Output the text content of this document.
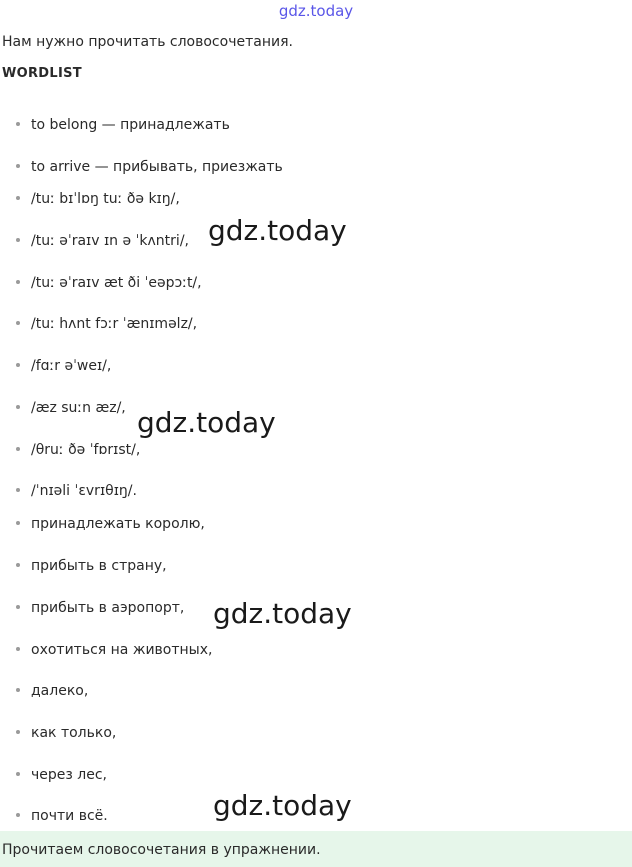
gdz.today
Нам нужно прочитать словосочетания.
WORDLIST
to belong — принадлежать
to arrive — прибывать, приезжать
/tuː bɪˈlɒŋ tuː ðə kɪŋ/,
/tuː əˈraɪv ɪn ə ˈkʌntri/,
/tuː əˈraɪv æt ði ˈeəpɔːt/,
/tuː hʌnt fɔːr ˈænɪməlz/,
/fɑːr əˈweɪ/,
/æz suːn æz/,
/θruː ðə ˈfɒrɪst/,
/ˈnɪəli ˈɛvrɪθɪŋ/.
принадлежать королю,
прибыть в страну,
прибыть в аэропорт,
охотиться на животных,
далеко,
как только,
через лес,
почти всё.
gdz.today
gdz.today
gdz.today
gdz.today
Прочитаем словосочетания в упражнении.
